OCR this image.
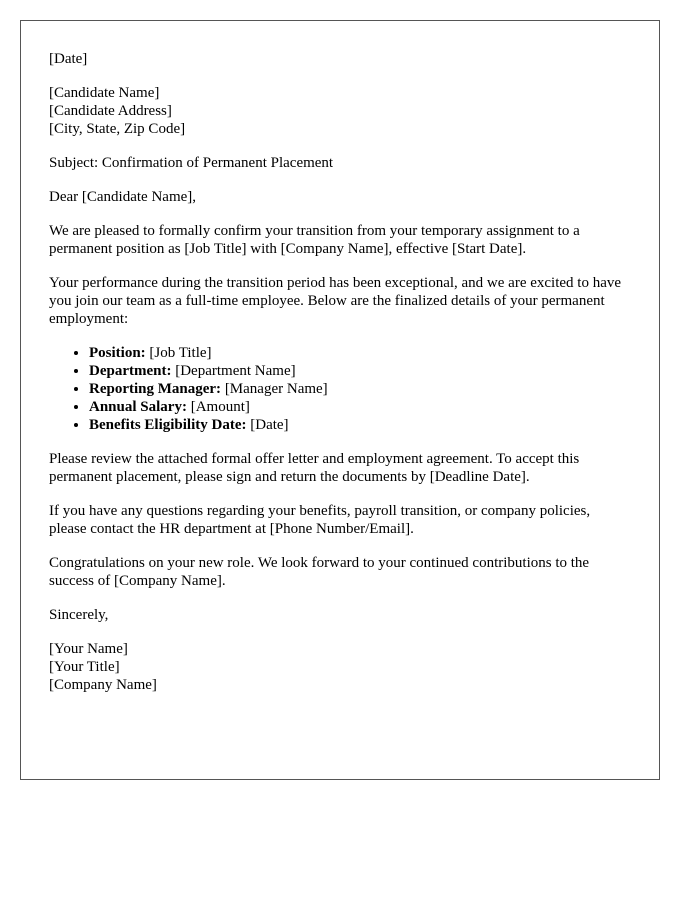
[Date]

[Candidate Name]
[Candidate Address]
[City, State, Zip Code]

Subject: Confirmation of Permanent Placement

Dear [Candidate Name],

We are pleased to formally confirm your transition from your temporary assignment to a permanent position as [Job Title] with [Company Name], effective [Start Date].

Your performance during the transition period has been exceptional, and we are excited to have you join our team as a full-time employee. Below are the finalized details of your permanent employment:

• Position: [Job Title]
• Department: [Department Name]
• Reporting Manager: [Manager Name]
• Annual Salary: [Amount]
• Benefits Eligibility Date: [Date]

Please review the attached formal offer letter and employment agreement. To accept this permanent placement, please sign and return the documents by [Deadline Date].

If you have any questions regarding your benefits, payroll transition, or company policies, please contact the HR department at [Phone Number/Email].

Congratulations on your new role. We look forward to your continued contributions to the success of [Company Name].

Sincerely,

[Your Name]
[Your Title]
[Company Name]
